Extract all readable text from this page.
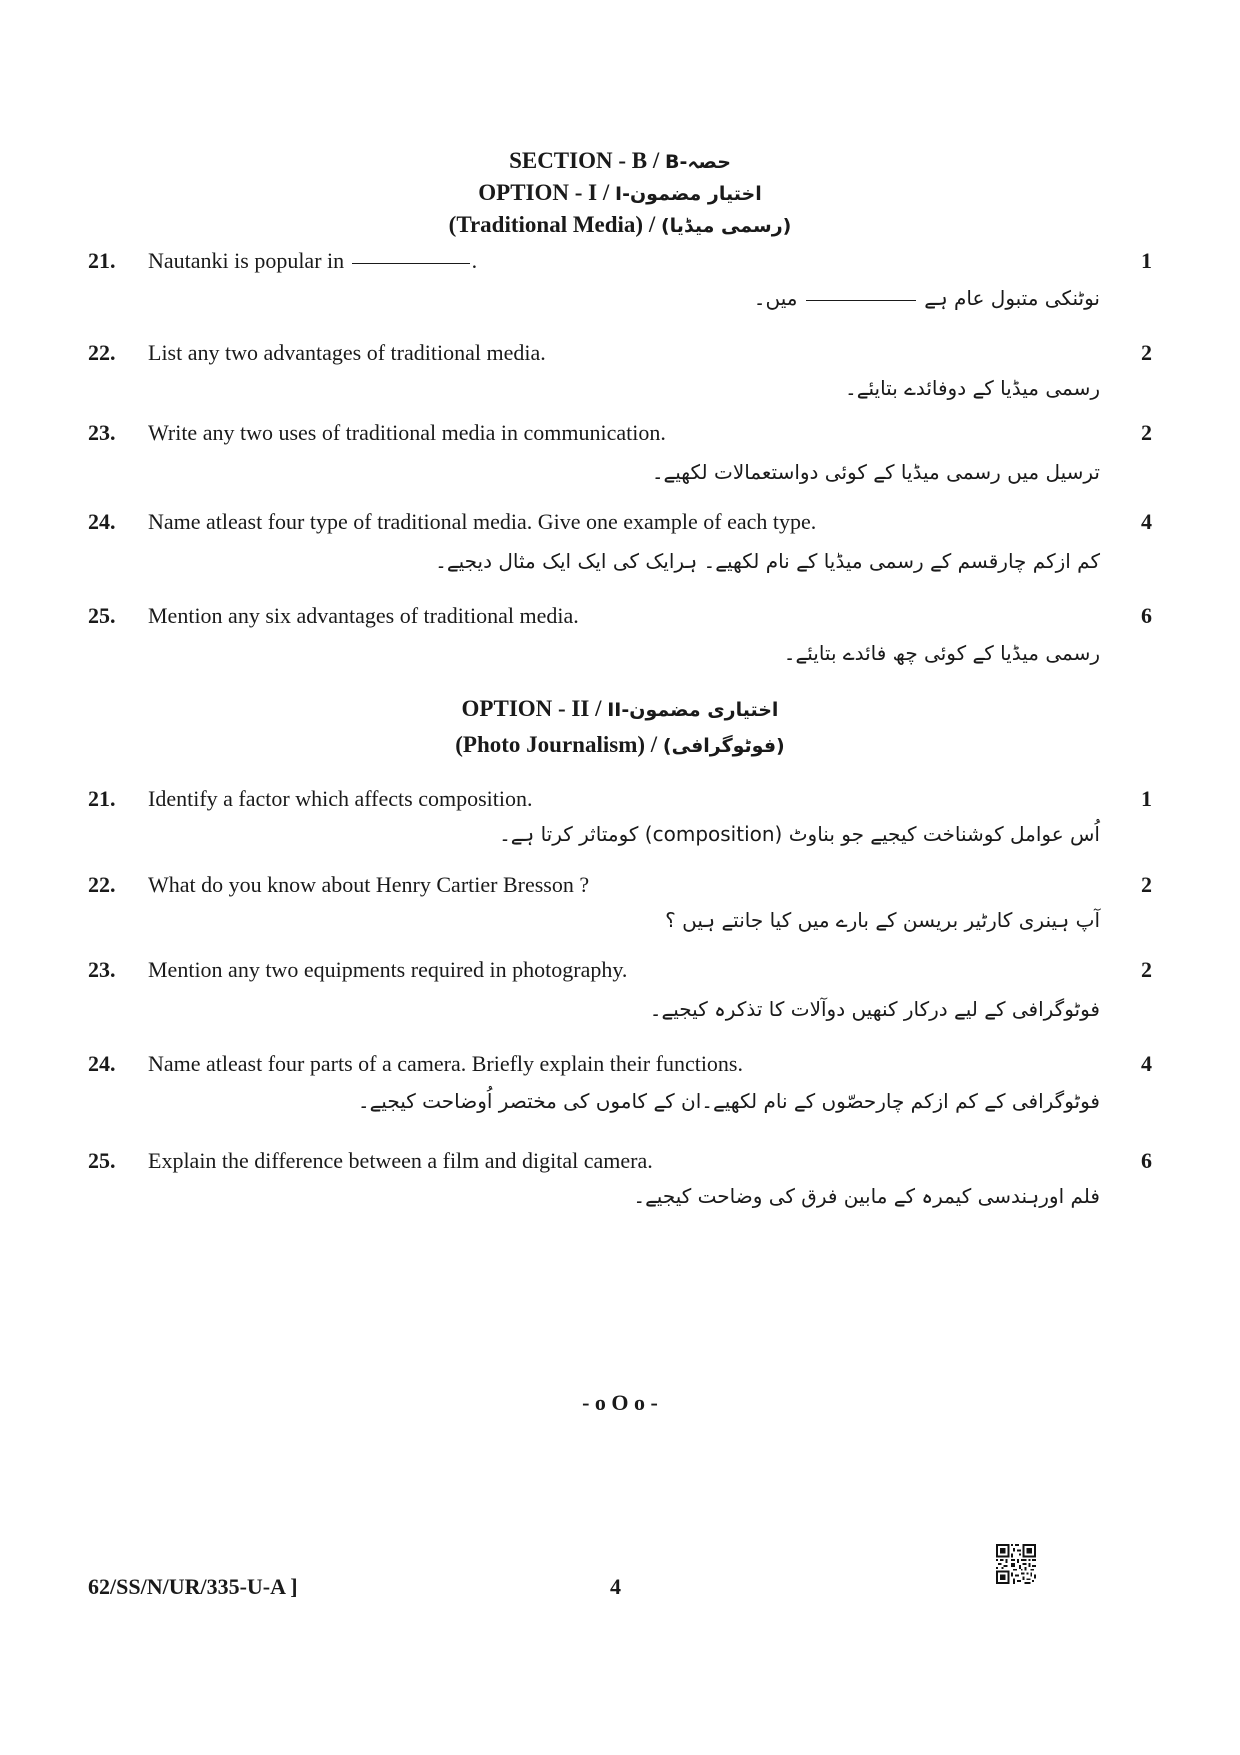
SECTION - B / B-حصہ
OPTION - I / I-اختیار مضمون
(Traditional Media) / (رسمی میڈیا)
21. Nautanki is popular in	.	1
نوٹنکی متبول عام ہے  میں۔
22. List any two advantages of traditional media.	2
رسمی میڈیا کے دوفائدے بتایئے۔
23. Write any two uses of traditional media in communication.	2
ترسیل میں رسمی میڈیا کے کوئی دواستعمالات لکھیے۔
24. Name atleast four type of traditional media. Give one example of each type.	4
کم ازکم چارقسم کے رسمی میڈیا کے نام لکھیے۔ ہرایک کی ایک ایک مثال دیجیے۔
25. Mention any six advantages of traditional media.	6
رسمی میڈیا کے کوئی چھ فائدے بتایئے۔
OPTION - II / II-اختیاری مضمون
(Photo Journalism) / (فوٹوگرافی)
21. Identify a factor which affects composition.	1
اُس عوامل کوشناخت کیجیے جو بناوٹ (composition) کومتاثر کرتا ہے۔
22. What do you know about Henry Cartier Bresson ?	2
آپ ہینری کارٹیر بریسن کے بارے میں کیا جانتے ہیں ؟
23. Mention any two equipments required in photography.	2
فوٹوگرافی کے لیے درکار کنھیں دوآلات کا تذکرہ کیجیے۔
24. Name atleast four parts of a camera. Briefly explain their functions.	4
فوٹوگرافی کے کم ازکم چارحصّوں کے نام لکھیے۔ان کے کاموں کی مختصر اُوضاحت کیجیے۔
25. Explain the difference between a film and digital camera.	6
فلم اورہندسی کیمرہ کے مابین فرق کی وضاحت کیجیے۔
- o O o -
62/SS/N/UR/335-U-A ]	4
